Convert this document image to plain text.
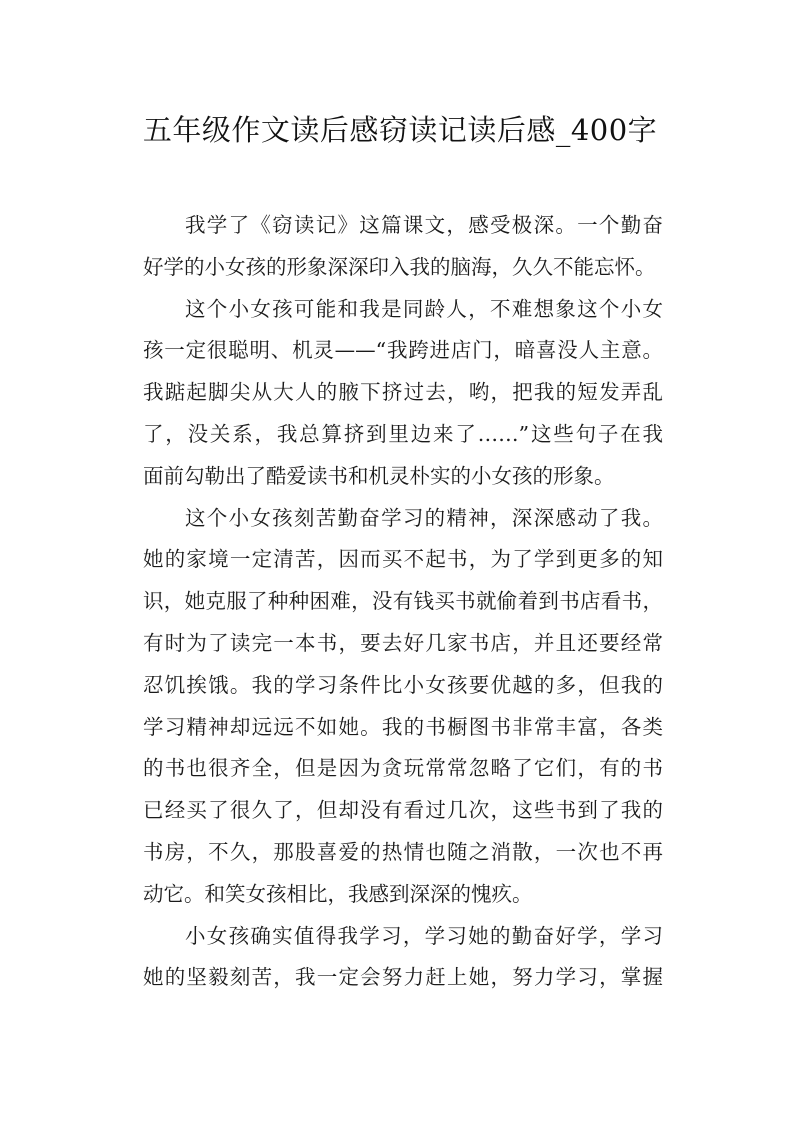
五年级作文读后感窃读记读后感_400字
我学了《窃读记》这篇课文，感受极深。一个勤奋
好学的小女孩的形象深深印入我的脑海，久久不能忘怀。
这个小女孩可能和我是同龄人，不难想象这个小女
孩一定很聪明、机灵——“我跨进店门，暗喜没人主意。
我踮起脚尖从大人的腋下挤过去，哟，把我的短发弄乱
了，没关系，我总算挤到里边来了……”这些句子在我
面前勾勒出了酷爱读书和机灵朴实的小女孩的形象。
这个小女孩刻苦勤奋学习的精神，深深感动了我。
她的家境一定清苦，因而买不起书，为了学到更多的知
识，她克服了种种困难，没有钱买书就偷着到书店看书，
有时为了读完一本书，要去好几家书店，并且还要经常
忍饥挨饿。我的学习条件比小女孩要优越的多，但我的
学习精神却远远不如她。我的书橱图书非常丰富，各类
的书也很齐全，但是因为贪玩常常忽略了它们，有的书
已经买了很久了，但却没有看过几次，这些书到了我的
书房，不久，那股喜爱的热情也随之消散，一次也不再
动它。和笑女孩相比，我感到深深的愧疚。
小女孩确实值得我学习，学习她的勤奋好学，学习
她的坚毅刻苦，我一定会努力赶上她，努力学习，掌握
